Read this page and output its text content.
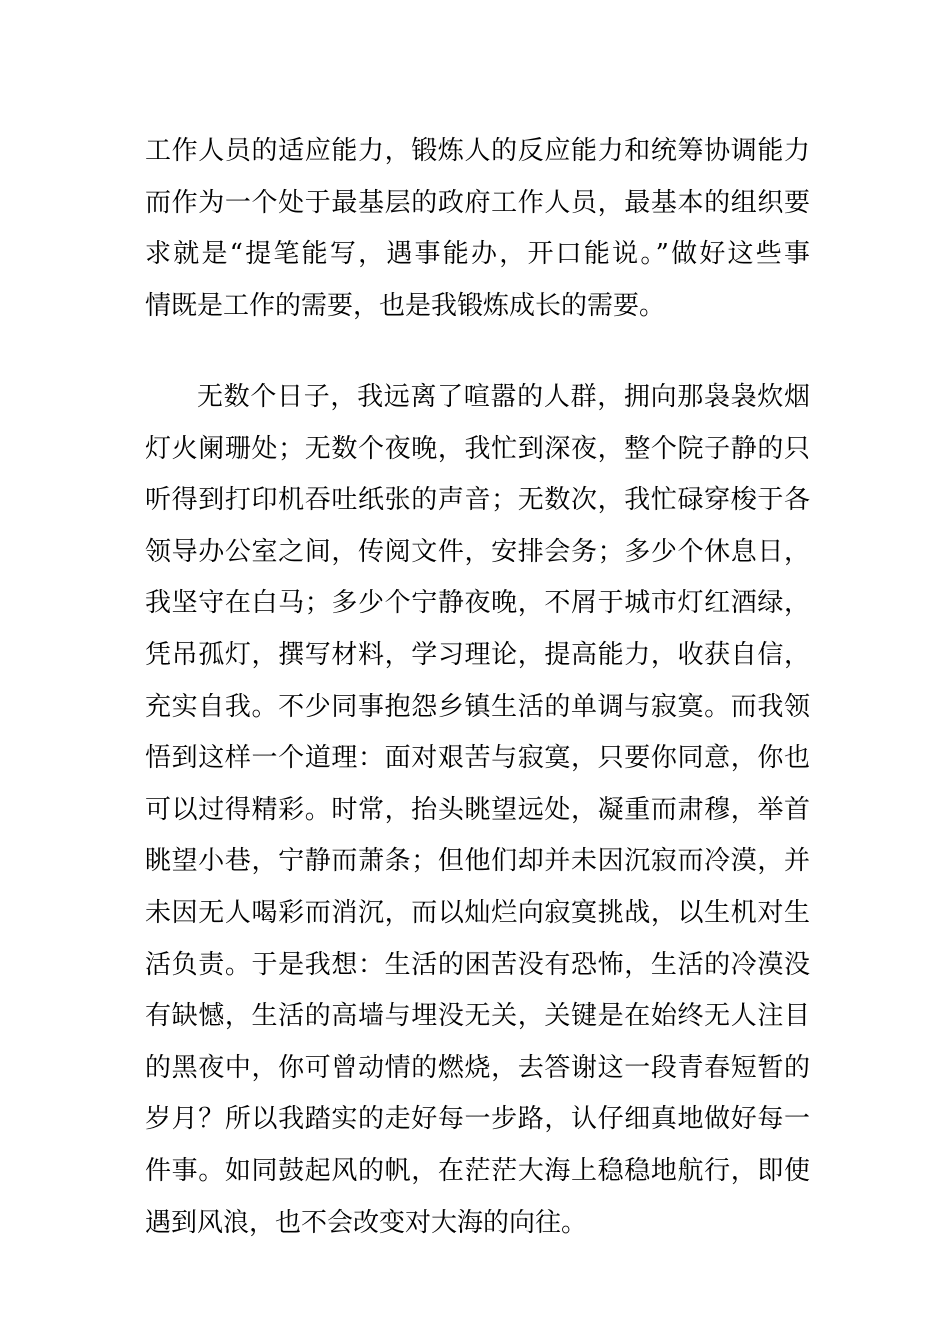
工作人员的适应能力，锻炼人的反应能力和统筹协调能力
而作为一个处于最基层的政府工作人员，最基本的组织要
求就是“提笔能写，遇事能办，开口能说。”做好这些事
情既是工作的需要，也是我锻炼成长的需要。
无数个日子，我远离了喧嚣的人群，拥向那袅袅炊烟
灯火阑珊处；无数个夜晚，我忙到深夜，整个院子静的只
听得到打印机吞吐纸张的声音；无数次，我忙碌穿梭于各
领导办公室之间，传阅文件，安排会务；多少个休息日，
我坚守在白马；多少个宁静夜晚，不屑于城市灯红酒绿，
凭吊孤灯，撰写材料，学习理论，提高能力，收获自信，
充实自我。不少同事抱怨乡镇生活的单调与寂寞。而我领
悟到这样一个道理：面对艰苦与寂寞，只要你同意，你也
可以过得精彩。时常，抬头眺望远处，凝重而肃穆，举首
眺望小巷，宁静而萧条；但他们却并未因沉寂而冷漠，并
未因无人喝彩而消沉，而以灿烂向寂寞挑战，以生机对生
活负责。于是我想：生活的困苦没有恐怖，生活的冷漠没
有缺憾，生活的高墙与埋没无关，关键是在始终无人注目
的黑夜中，你可曾动情的燃烧，去答谢这一段青春短暂的
岁月？所以我踏实的走好每一步路，认仔细真地做好每一
件事。如同鼓起风的帆，在茫茫大海上稳稳地航行，即使
遇到风浪，也不会改变对大海的向往。
